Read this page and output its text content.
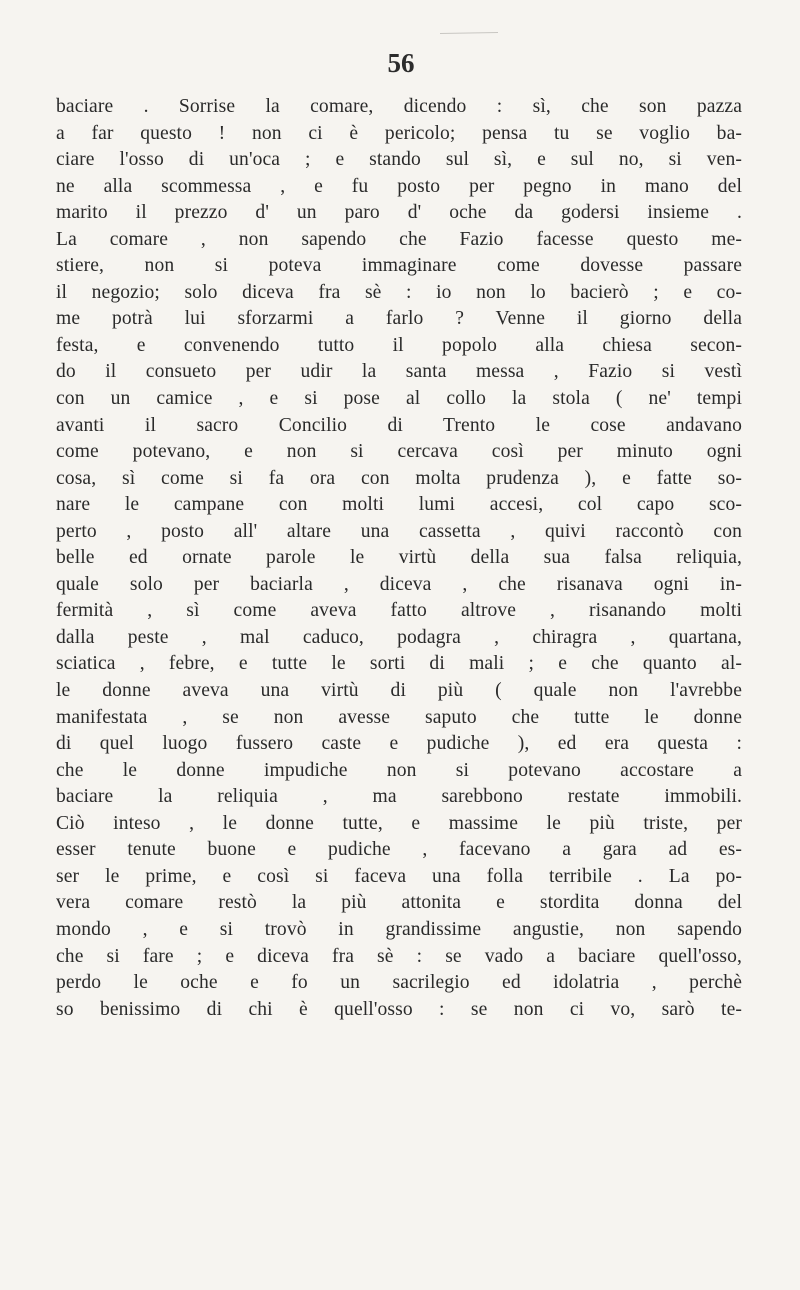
56
baciare . Sorrise la comare, dicendo : sì, che son pazza
a far questo ! non ci è pericolo; pensa tu se voglio ba-
ciare l'osso di un'oca ; e stando sul sì, e sul no, si ven-
ne alla scommessa , e fu posto per pegno in mano del
marito il prezzo d' un paro d' oche da godersi insieme .
La comare , non sapendo che Fazio facesse questo me-
stiere, non si poteva immaginare come dovesse passare
il negozio; solo diceva fra sè : io non lo bacierò ; e co-
me potrà lui sforzarmi a farlo ? Venne il giorno della
festa, e convenendo tutto il popolo alla chiesa secon-
do il consueto per udir la santa messa , Fazio si vestì
con un camice , e si pose al collo la stola ( ne' tempi
avanti il sacro Concilio di Trento le cose andavano
come potevano, e non si cercava così per minuto ogni
cosa, sì come si fa ora con molta prudenza ), e fatte so-
nare le campane con molti lumi accesi, col capo sco-
perto , posto all' altare una cassetta , quivi raccontò con
belle ed ornate parole le virtù della sua falsa reliquia,
quale solo per baciarla , diceva , che risanava ogni in-
fermità , sì come aveva fatto altrove , risanando molti
dalla peste , mal caduco, podagra , chiragra , quartana,
sciatica , febre, e tutte le sorti di mali ; e che quanto al-
le donne aveva una virtù di più ( quale non l'avrebbe
manifestata , se non avesse saputo che tutte le donne
di quel luogo fussero caste e pudiche ), ed era questa :
che le donne impudiche non si potevano accostare a
baciare la reliquia , ma sarebbono restate immobili.
Ciò inteso , le donne tutte, e massime le più triste, per
esser tenute buone e pudiche , facevano a gara ad es-
ser le prime, e così si faceva una folla terribile . La po-
vera comare restò la più attonita e stordita donna del
mondo , e si trovò in grandissime angustie, non sapendo
che si fare ; e diceva fra sè : se vado a baciare quell'osso,
perdo le oche e fo un sacrilegio ed idolatria , perchè
so benissimo di chi è quell'osso : se non ci vo, sarò te-
